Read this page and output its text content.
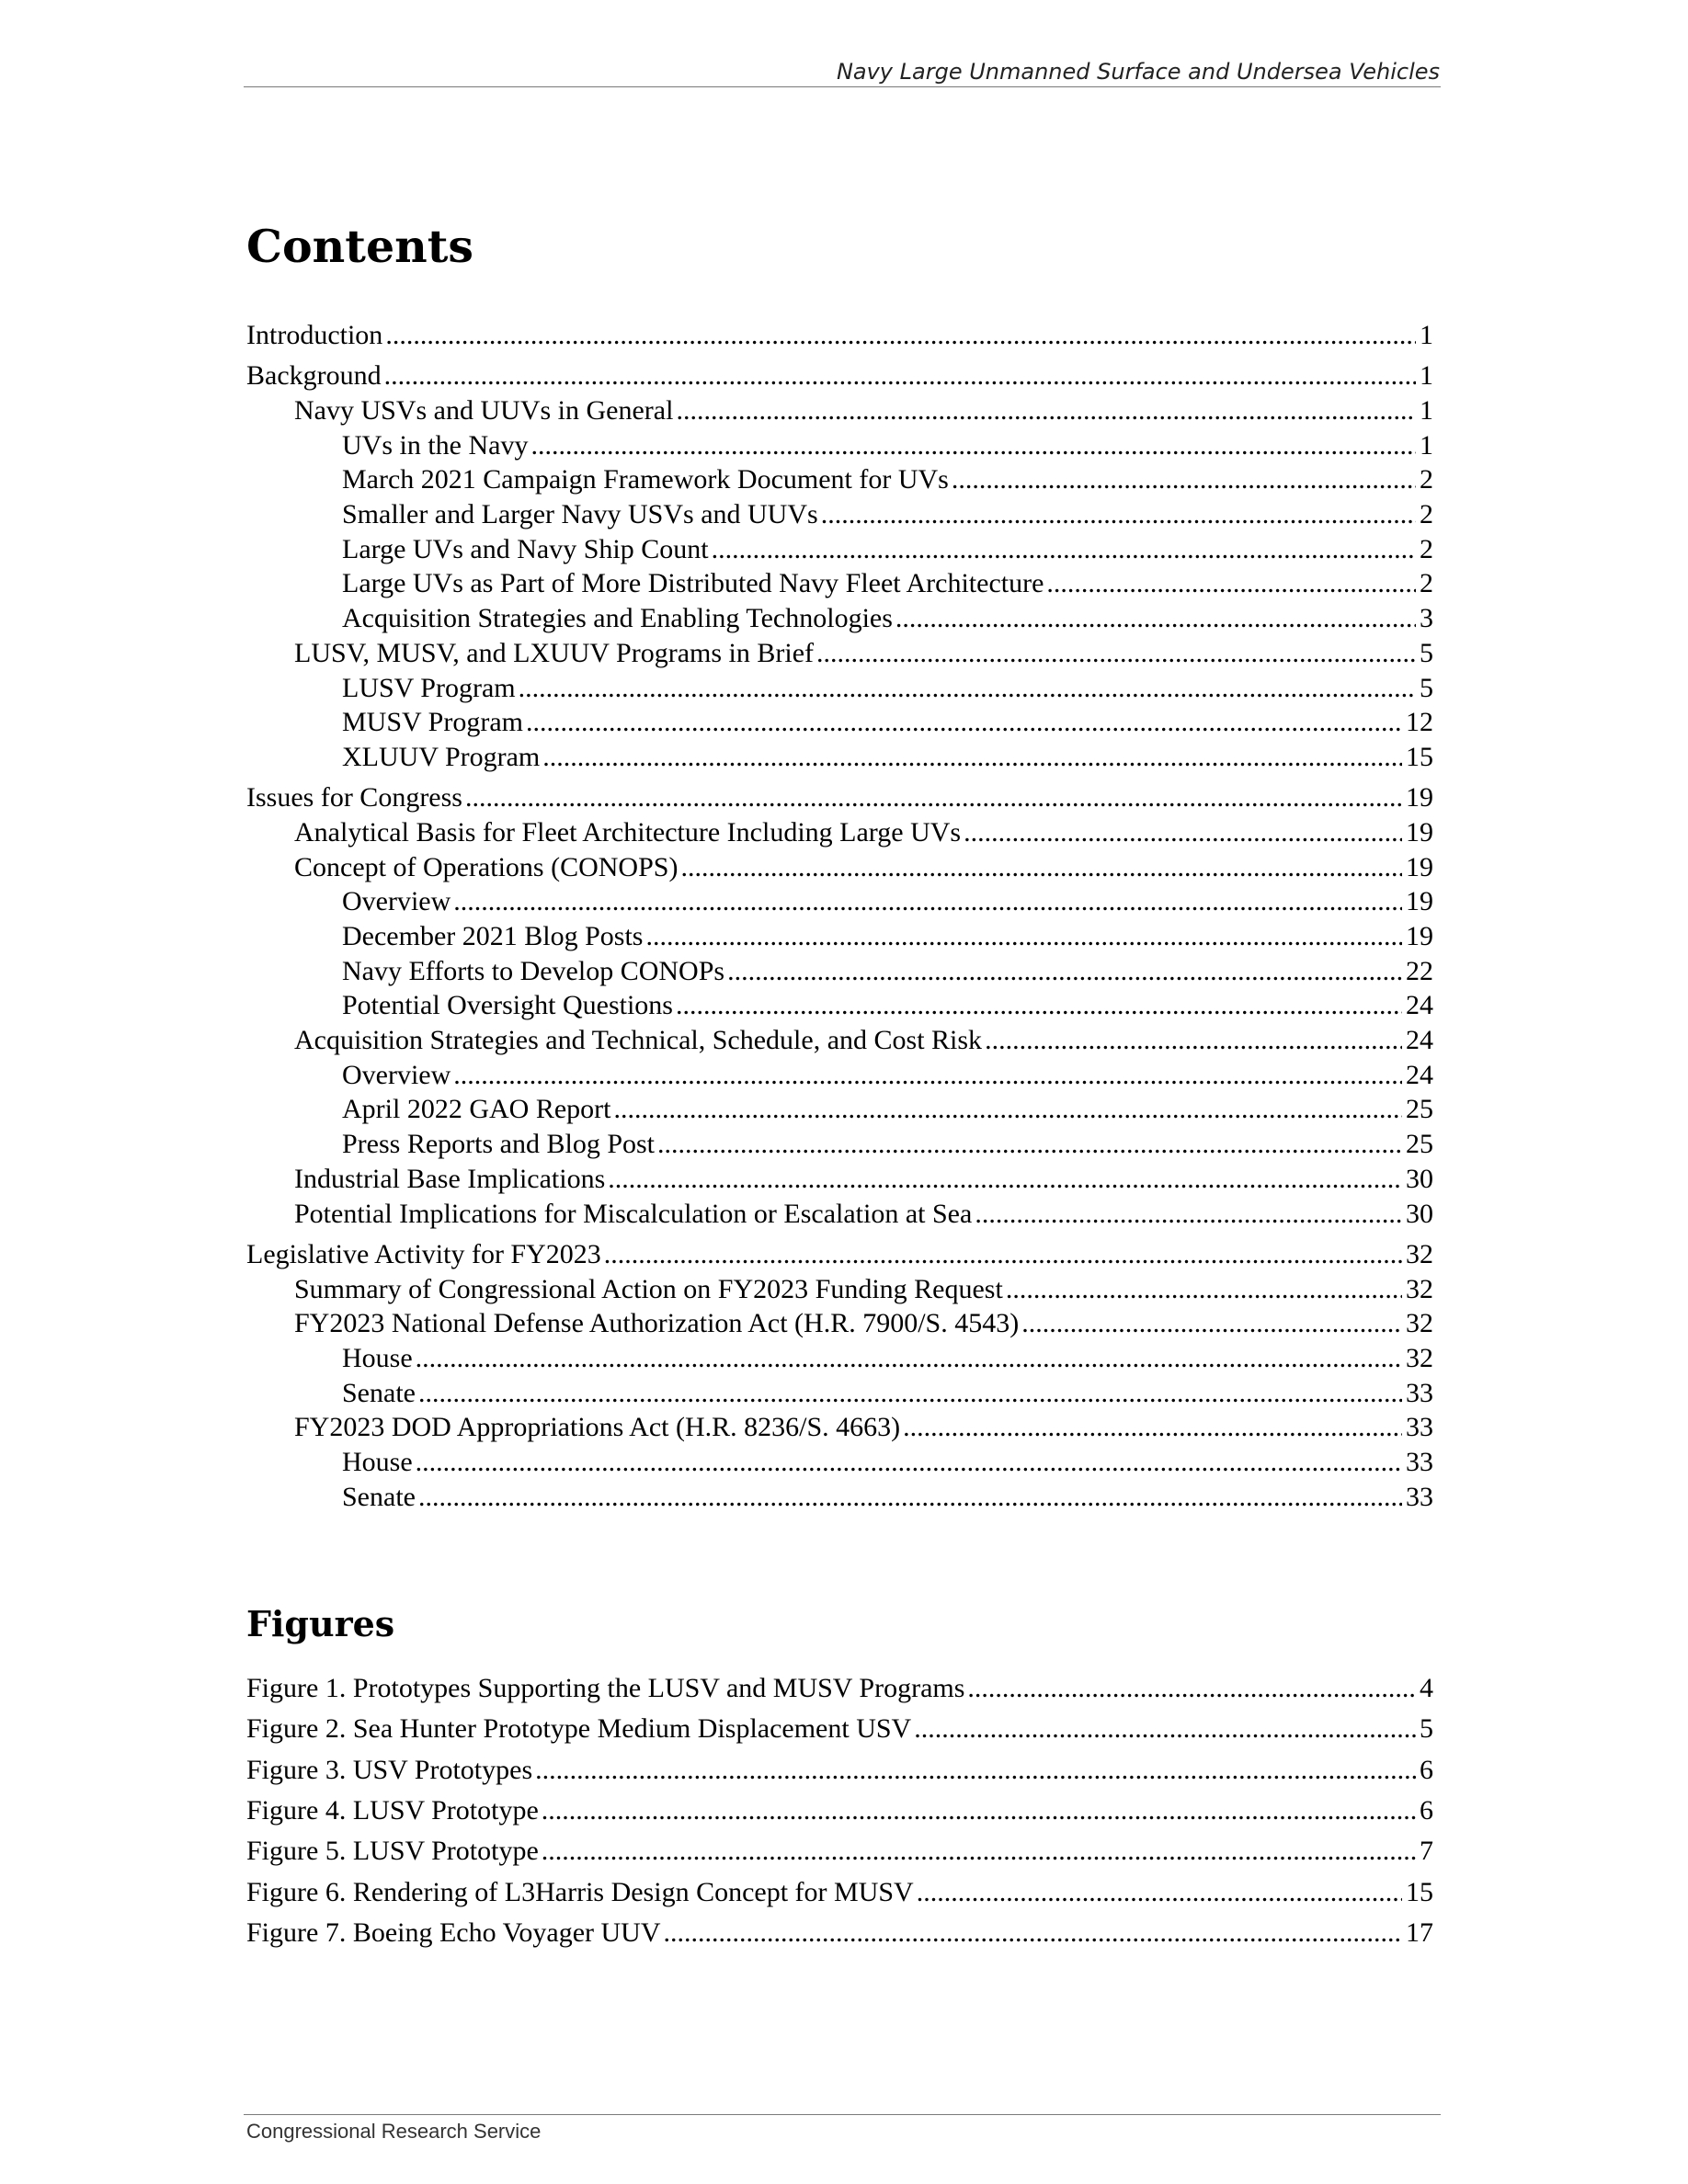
Navy Large Unmanned Surface and Undersea Vehicles
Contents
Introduction .....	1
Background .....	1
Navy USVs and UUVs in General .....	1
UVs in the Navy .....	1
March 2021 Campaign Framework Document for UVs .....	2
Smaller and Larger Navy USVs and UUVs .....	2
Large UVs and Navy Ship Count .....	2
Large UVs as Part of More Distributed Navy Fleet Architecture .....	2
Acquisition Strategies and Enabling Technologies .....	3
LUSV, MUSV, and LXUUV Programs in Brief .....	5
LUSV Program .....	5
MUSV Program .....	12
XLUUV Program .....	15
Issues for Congress .....	19
Analytical Basis for Fleet Architecture Including Large UVs .....	19
Concept of Operations (CONOPS) .....	19
Overview .....	19
December 2021 Blog Posts .....	19
Navy Efforts to Develop CONOPs .....	22
Potential Oversight Questions .....	24
Acquisition Strategies and Technical, Schedule, and Cost Risk .....	24
Overview .....	24
April 2022 GAO Report .....	25
Press Reports and Blog Post .....	25
Industrial Base Implications .....	30
Potential Implications for Miscalculation or Escalation at Sea .....	30
Legislative Activity for FY2023 .....	32
Summary of Congressional Action on FY2023 Funding Request .....	32
FY2023 National Defense Authorization Act (H.R. 7900/S. 4543) .....	32
House .....	32
Senate .....	33
FY2023 DOD Appropriations Act (H.R. 8236/S. 4663) .....	33
House .....	33
Senate .....	33
Figures
Figure 1. Prototypes Supporting the LUSV and MUSV Programs .....	4
Figure 2. Sea Hunter Prototype Medium Displacement USV .....	5
Figure 3. USV Prototypes .....	6
Figure 4. LUSV Prototype .....	6
Figure 5. LUSV Prototype .....	7
Figure 6. Rendering of L3Harris Design Concept for MUSV .....	15
Figure 7. Boeing Echo Voyager UUV .....	17
Congressional Research Service
